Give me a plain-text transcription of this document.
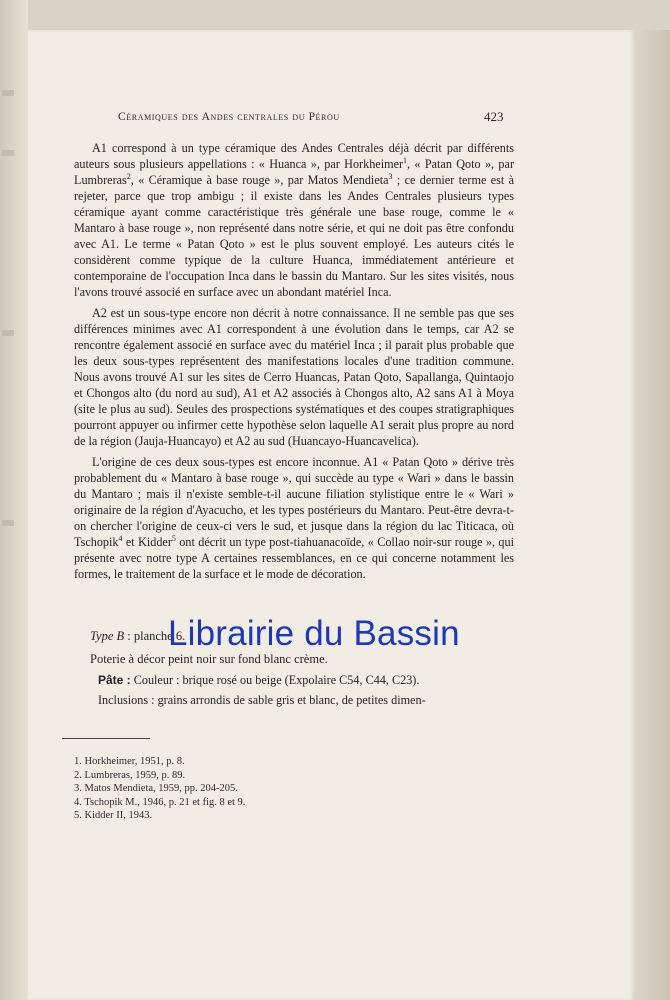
Céramiques des Andes centrales du Pérou	423

A1 correspond à un type céramique des Andes Centrales déjà décrit par différents auteurs sous plusieurs appellations : « Huanca », par Horkheimer$^1$, « Patan Qoto », par Lumbreras$^2$, « Céramique à base rouge », par Matos Mendieta$^3$ ; ce dernier terme est à rejeter, parce que trop ambigu ; il existe dans les Andes Centrales plusieurs types céramique ayant comme caractéristique très générale une base rouge, comme le « Mantaro à base rouge », non représenté dans notre série, et qui ne doit pas être confondu avec A1. Le terme « Patan Qoto » est le plus souvent employé. Les auteurs cités le considèrent comme typique de la culture Huanca, immédiatement antérieure et contemporaine de l'occupation Inca dans le bassin du Mantaro. Sur les sites visités, nous l'avons trouvé associé en surface avec un abondant matériel Inca.

A2 est un sous-type encore non décrit à notre connaissance. Il ne semble pas que ses différences minimes avec A1 correspondent à une évolution dans le temps, car A2 se rencontre également associé en surface avec du matériel Inca ; il parait plus probable que les deux sous-types représentent des manifestations locales d'une tradition commune. Nous avons trouvé A1 sur les sites de Cerro Huancas, Patan Qoto, Sapallanga, Quintaojo et Chongos alto (du nord au sud), A1 et A2 associés à Chongos alto, A2 sans A1 à Moya (site le plus au sud). Seules des prospections systématiques et des coupes stratigraphiques pourront appuyer ou infirmer cette hypothèse selon laquelle A1 serait plus propre au nord de la région (Jauja-Huancayo) et A2 au sud (Huancayo-Huancavelica).

L'origine de ces deux sous-types est encore inconnue. A1 « Patan Qoto » dérive très probablement du « Mantaro à base rouge », qui succède au type « Wari » dans le bassin du Mantaro ; mais il n'existe semble-t-il aucune filiation stylistique entre le « Wari » originaire de la région d'Ayacucho, et les types postérieurs du Mantaro. Peut-être devra-t-on chercher l'origine de ceux-ci vers le sud, et jusque dans la région du lac Titicaca, où Tschopik$^4$ et Kidder$^5$ ont décrit un type post-tiahuanacoïde, « Collao noir-sur rouge », qui présente avec notre type A certaines ressemblances, en ce qui concerne notamment les formes, le traitement de la surface et le mode de décoration.

Type B : planche 6.
Poterie à décor peint noir sur fond blanc crème.
Pâte : Couleur : brique rosé ou beige (Expolaire C54, C44, C23).
Inclusions : grains arrondis de sable gris et blanc, de petites dimen-
1. Horkheimer, 1951, p. 8.
2. Lumbreras, 1959, p. 89.
3. Matos Mendieta, 1959, pp. 204-205.
4. Tschopik M., 1946, p. 21 et fig. 8 et 9.
5. Kidder II, 1943.
Librairie du Bassin
